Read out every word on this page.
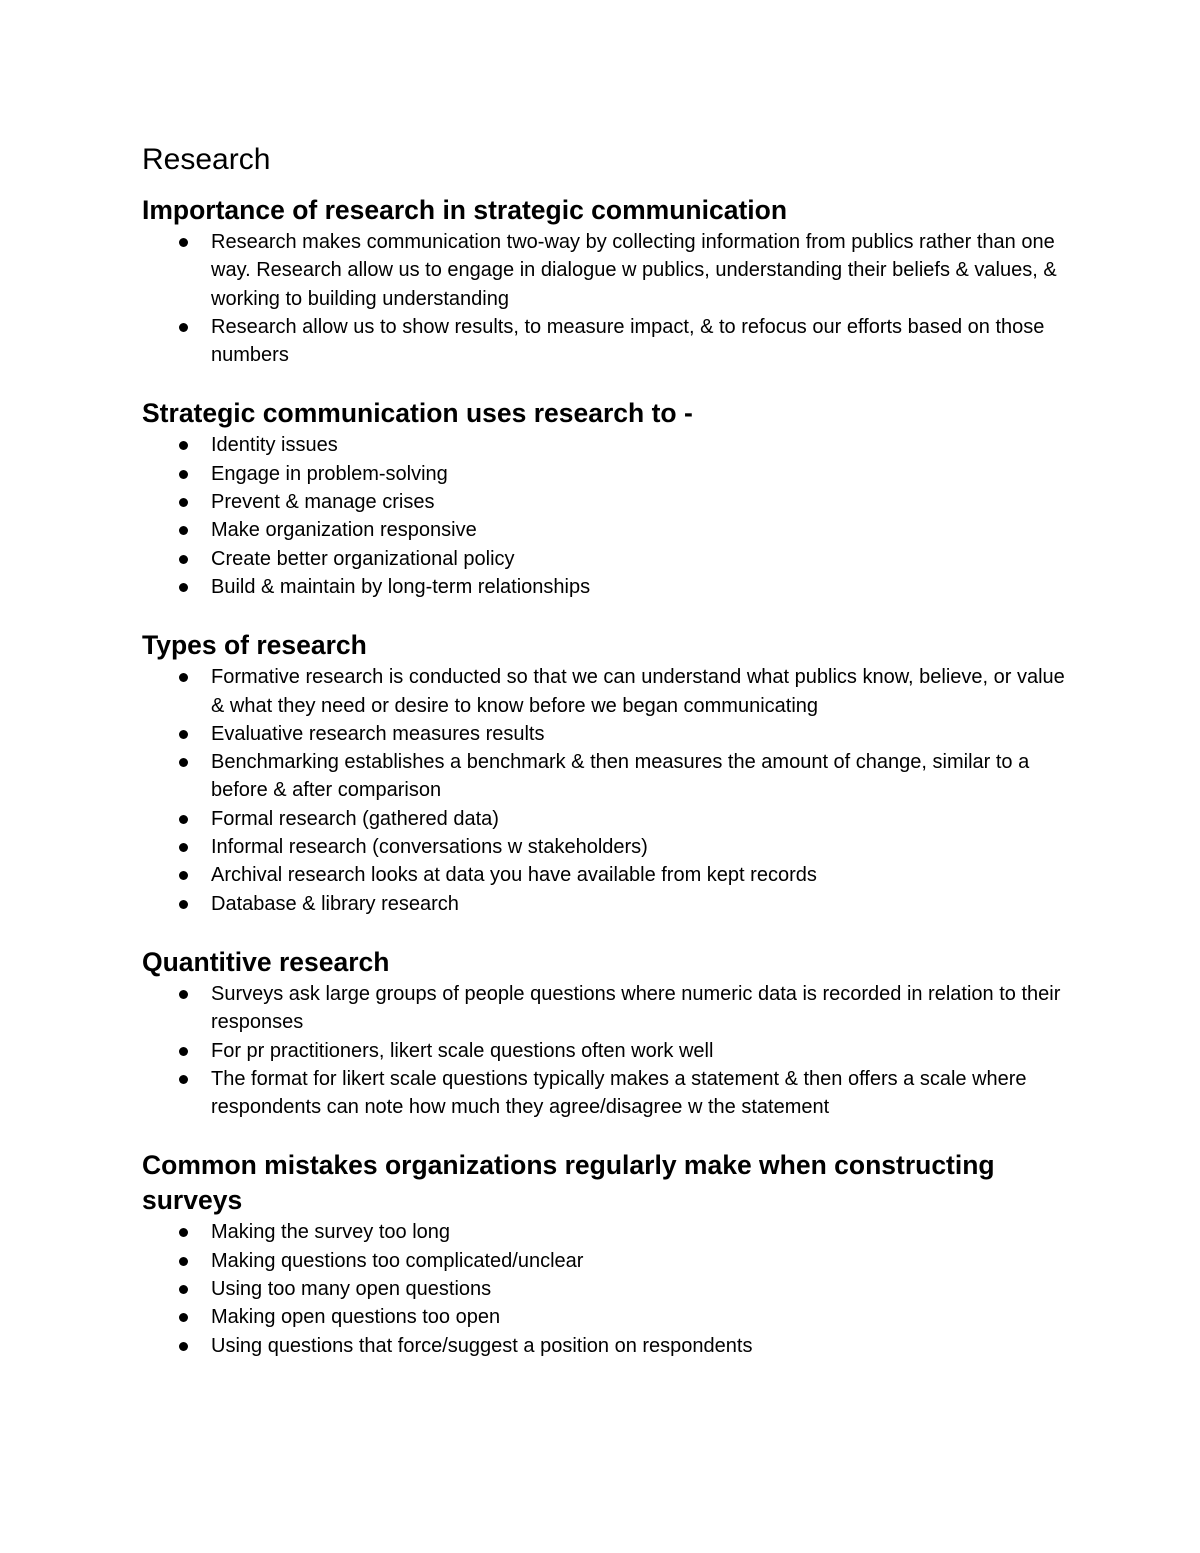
Research
Importance of research in strategic communication
Research makes communication two-way by collecting information from publics rather than one way. Research allow us to engage in dialogue w publics, understanding their beliefs & values, & working to building understanding
Research allow us to show results, to measure impact, & to refocus our efforts based on those numbers
Strategic communication uses research to -
Identity issues
Engage in problem-solving
Prevent & manage crises
Make organization responsive
Create better organizational policy
Build & maintain by long-term relationships
Types of research
Formative research is conducted so that we can understand what publics know, believe, or value & what they need or desire to know before we began communicating
Evaluative research measures results
Benchmarking establishes a benchmark & then measures the amount of change, similar to a before & after comparison
Formal research (gathered data)
Informal research (conversations w stakeholders)
Archival research looks at data you have available from kept records
Database & library research
Quantitive research
Surveys ask large groups of people questions where numeric data is recorded in relation to their responses
For pr practitioners, likert scale questions often work well
The format for likert scale questions typically makes a statement & then offers a scale where respondents can note how much they agree/disagree w the statement
Common mistakes organizations regularly make when constructing surveys
Making the survey too long
Making questions too complicated/unclear
Using too many open questions
Making open questions too open
Using questions that force/suggest a position on respondents
